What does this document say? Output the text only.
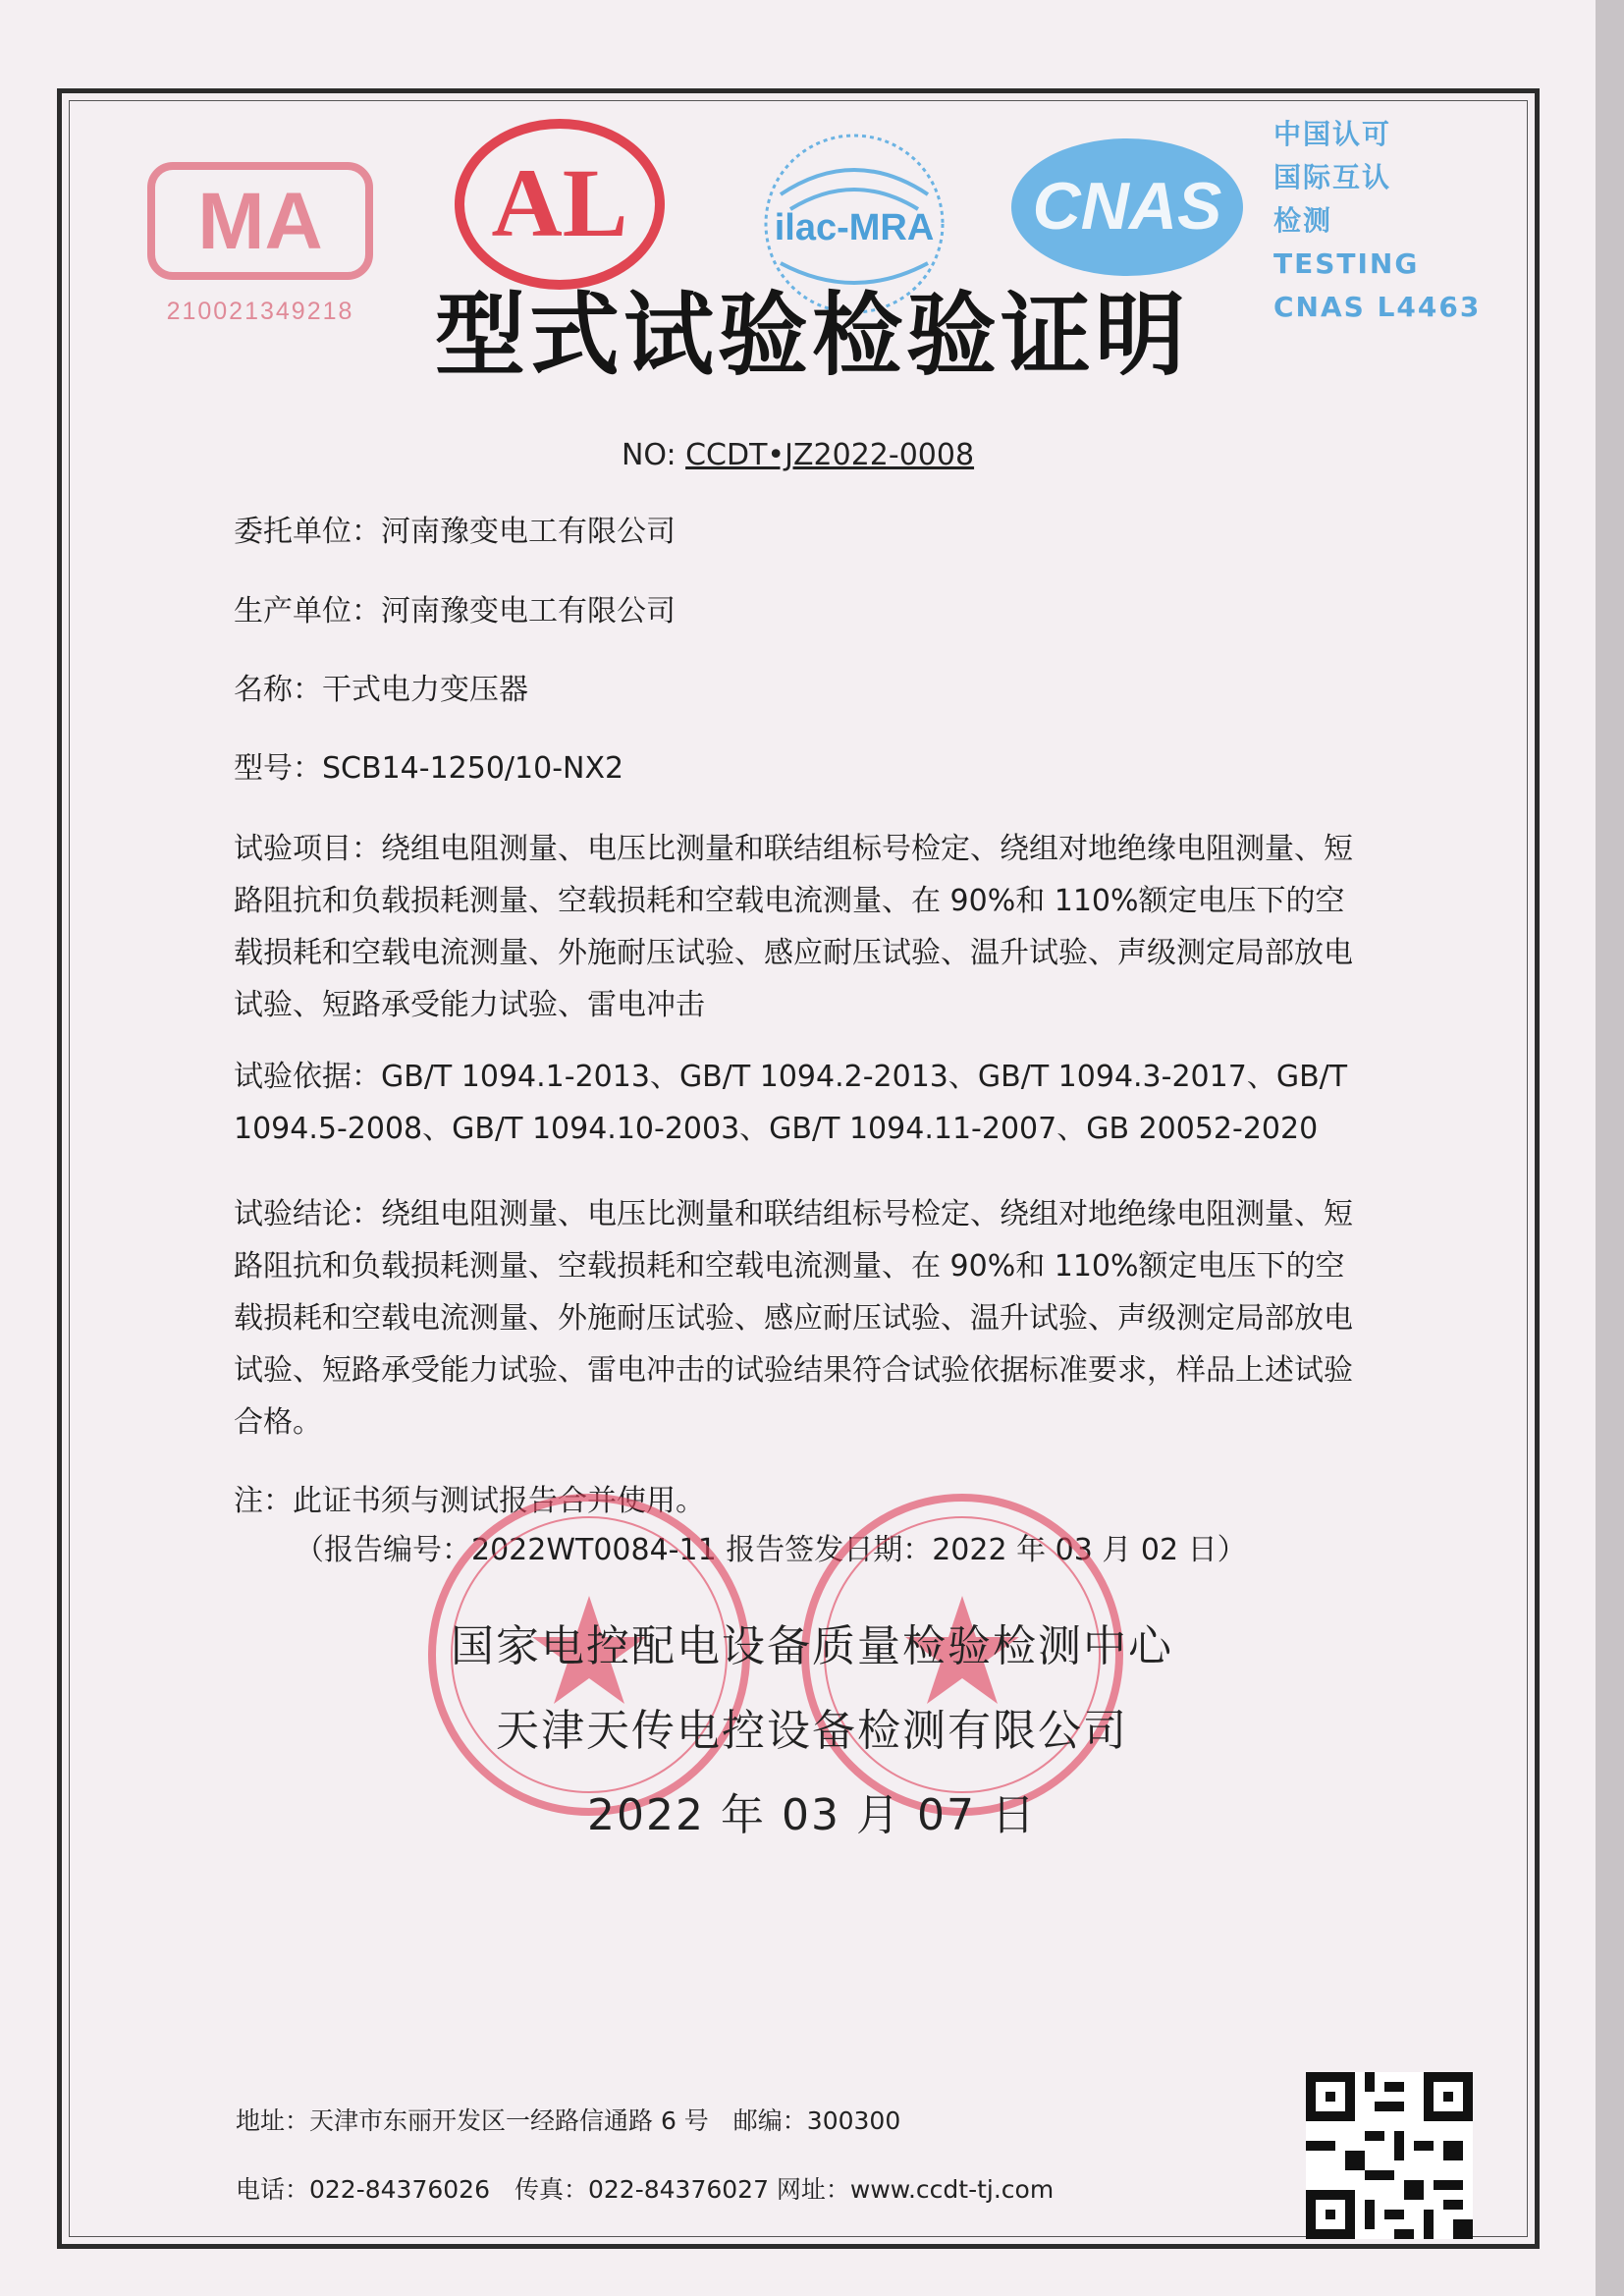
MA
210021349218
AL	ilac-MRA CNAS
中国认可
国际互认
检测
TESTING
CNAS L4463
型式试验检验证明
NO: CCDT•JZ2022-0008
委托单位：河南豫变电工有限公司
生产单位：河南豫变电工有限公司
名称：干式电力变压器
型号：SCB14-1250/10-NX2
试验项目：绕组电阻测量、电压比测量和联结组标号检定、绕组对地绝缘电阻测量、短路阻抗和负载损耗测量、空载损耗和空载电流测量、在 90%和 110%额定电压下的空载损耗和空载电流测量、外施耐压试验、感应耐压试验、温升试验、声级测定局部放电试验、短路承受能力试验、雷电冲击
试验依据：GB/T 1094.1-2013、GB/T 1094.2-2013、GB/T 1094.3-2017、GB/T 1094.5-2008、GB/T 1094.10-2003、GB/T 1094.11-2007、GB 20052-2020
试验结论：绕组电阻测量、电压比测量和联结组标号检定、绕组对地绝缘电阻测量、短路阻抗和负载损耗测量、空载损耗和空载电流测量、在 90%和 110%额定电压下的空载损耗和空载电流测量、外施耐压试验、感应耐压试验、温升试验、声级测定局部放电试验、短路承受能力试验、雷电冲击的试验结果符合试验依据标准要求，样品上述试验合格。
注：此证书须与测试报告合并使用。
（报告编号：2022WT0084-11 报告签发日期：2022 年 03 月 02 日）
国家电控配电设备质量检验检测中心
天津天传电控设备检测有限公司
2022 年 03 月 07 日
地址：天津市东丽开发区一经路信通路 6 号　邮编：300300
电话：022-84376026　传真：022-84376027 网址：www.ccdt-tj.com
